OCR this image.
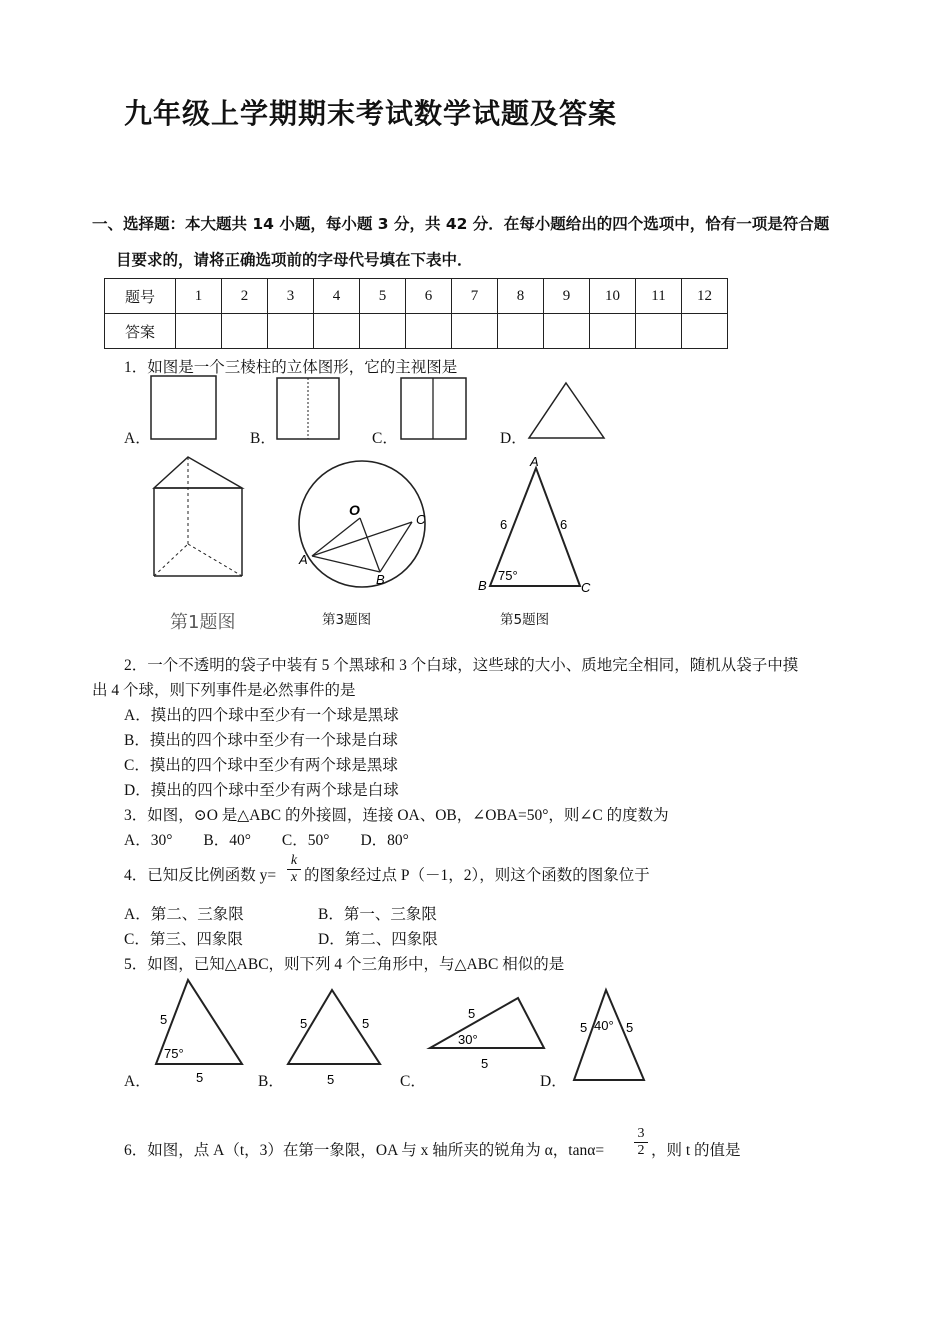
九年级上学期期末考试数学试题及答案
一、选择题：本大题共 14 小题，每小题 3 分，共 42 分．在每小题给出的四个选项中，恰有一项是符合题
目要求的，请将正确选项前的字母代号填在下表中．
题号	1	2	3	4	5	6	7	8	9	10	11	12
答案												
1．如图是一个三棱柱的立体图形，它的主视图是
A．	B．	C．	D．
第1题图
O
A
B
C
第3题图
A
B	C
6	6
75°
第5题图
2．一个不透明的袋子中装有 5 个黑球和 3 个白球，这些球的大小、质地完全相同，随机从袋子中摸
出 4 个球，则下列事件是必然事件的是
A．摸出的四个球中至少有一个球是黑球
B．摸出的四个球中至少有一个球是白球
C．摸出的四个球中至少有两个球是黑球
D．摸出的四个球中至少有两个球是白球
3．如图，⊙O 是△ABC 的外接圆，连接 OA、OB，∠OBA=50°，则∠C 的度数为
A．30°　　B．40°　　C．50°　　D．80°
4．已知反比例函数 $y= \frac{k}{x}$ 的图象经过点 P（－1，2），则这个函数的图象位于
A．第二、三象限	B．第一、三象限
C．第三、四象限	D．第二、四象限
5．如图，已知△ABC，则下列 4 个三角形中，与△ABC 相似的是
A．
5
75°
5	B．
5	5
5	C．
5
30°
5
D．
5 40° 5
6．如图，点 A（t，3）在第一象限，OA 与 x 轴所夹的锐角为 α，$\tan\alpha= \frac{3}{2}$ ，则 t 的值是
